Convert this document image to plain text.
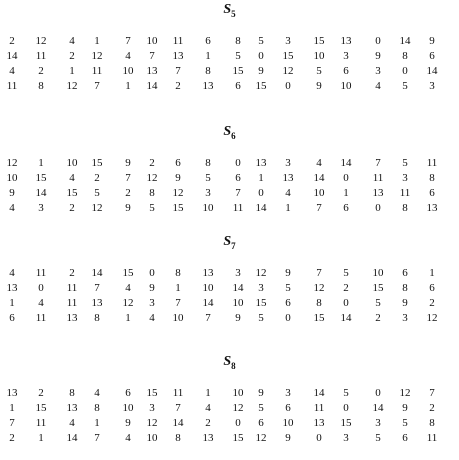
$S_5$
2	12	4	1	7	10	11	6	8	5	3	15	13	0	14	9
14	11	2	12	4	7	13	1	5	0	15	10	3	9	8	6
4	2	1	11	10	13	7	8	15	9	12	5	6	3	0	14
11	8	12	7	1	14	2	13	6	15	0	9	10	4	5	3
$S_6$
12	1	10	15	9	2	6	8	0	13	3	4	14	7	5	11
10	15	4	2	7	12	9	5	6	1	13	14	0	11	3	8
9	14	15	5	2	8	12	3	7	0	4	10	1	13	11	6
4	3	2	12	9	5	15	10	11	14	1	7	6	0	8	13
$S_7$
4	11	2	14	15	0	8	13	3	12	9	7	5	10	6	1
13	0	11	7	4	9	1	10	14	3	5	12	2	15	8	6
1	4	11	13	12	3	7	14	10	15	6	8	0	5	9	2
6	11	13	8	1	4	10	7	9	5	0	15	14	2	3	12
$S_8$
13	2	8	4	6	15	11	1	10	9	3	14	5	0	12	7
1	15	13	8	10	3	7	4	12	5	6	11	0	14	9	2
7	11	4	1	9	12	14	2	0	6	10	13	15	3	5	8
2	1	14	7	4	10	8	13	15	12	9	0	3	5	6	11
